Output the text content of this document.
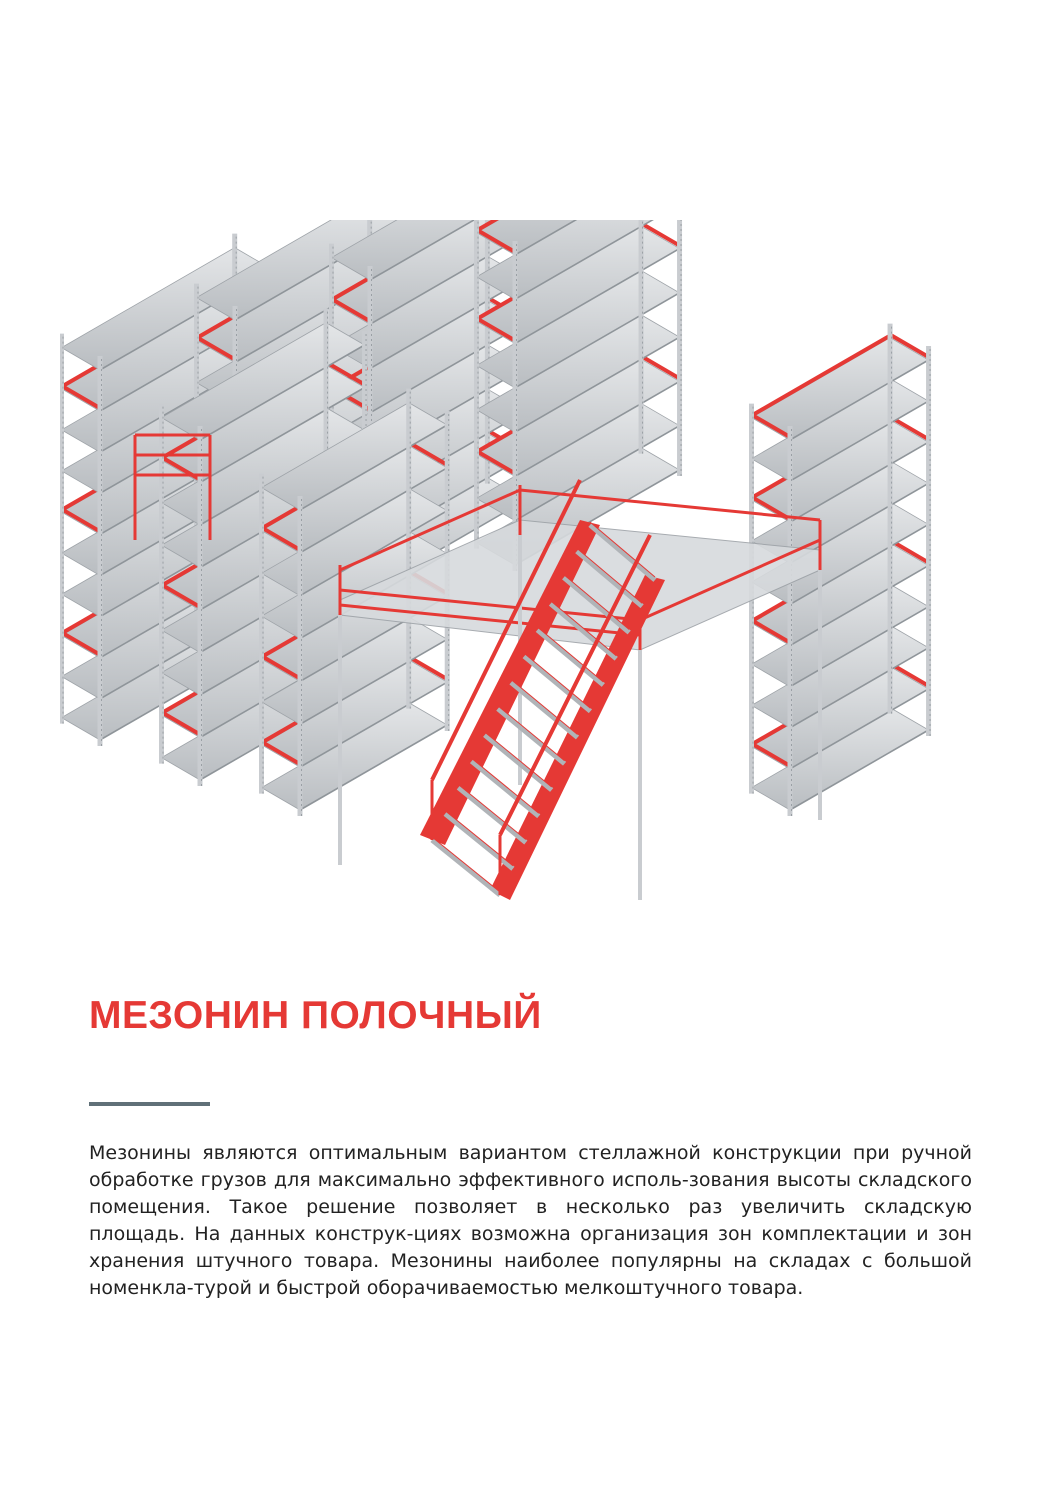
МЕЗОНИН ПОЛОЧНЫЙ

Мезонины являются оптимальным вариантом стеллажной конструкции при ручной обработке грузов для максимально эффективного исполь-зования высоты складского помещения. Такое решение позволяет в несколько раз увеличить складскую площадь. На данных конструк-циях возможна организация зон комплектации и зон хранения штучного товара. Мезонины наиболее популярны на складах с большой номенкла-турой и быстрой оборачиваемостью мелкоштучного товара.
